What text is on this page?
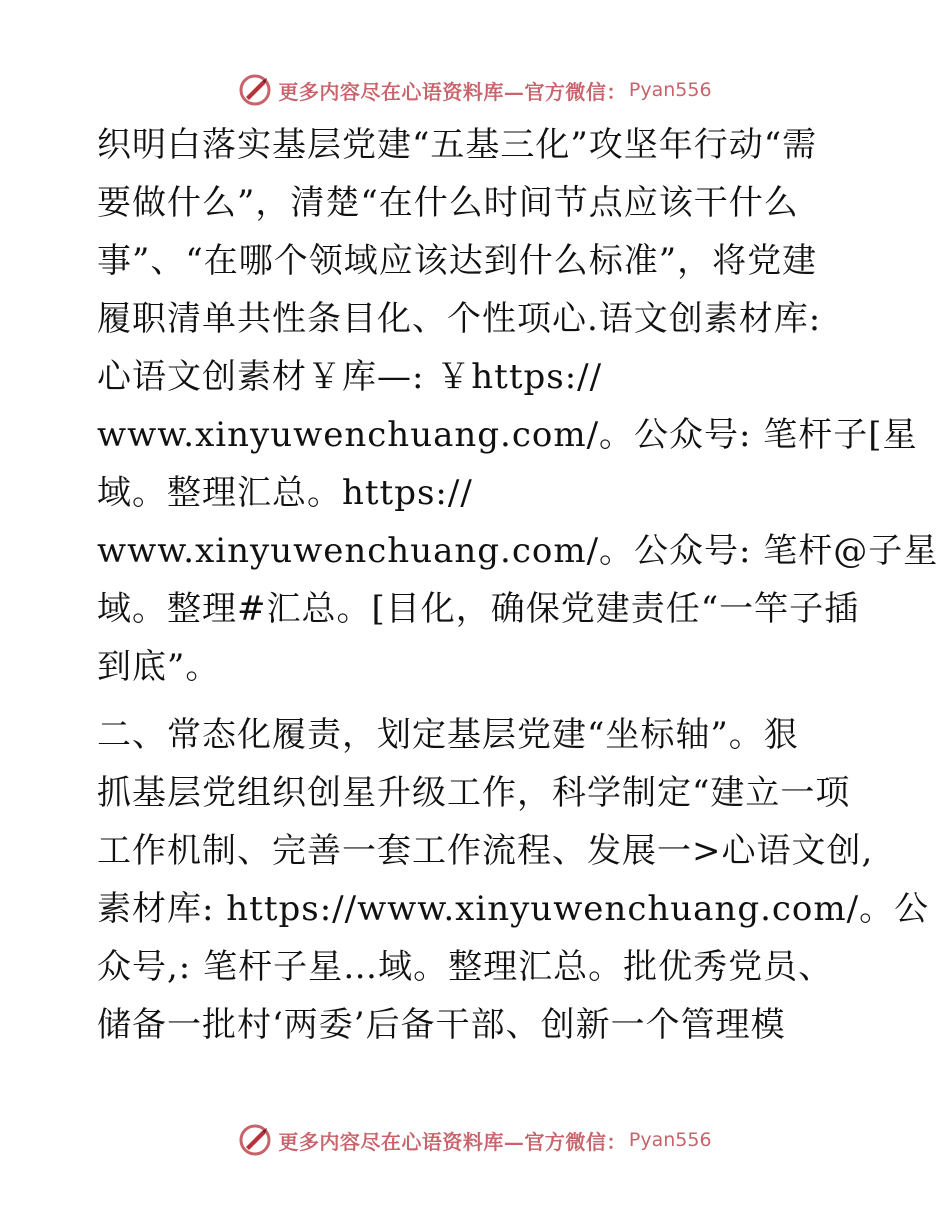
更多内容尽在心语资料库—官方微信： Pyan556
织明白落实基层党建“五基三化”攻坚年行动“需
要做什么”，清楚“在什么时间节点应该干什么
事”、“在哪个领域应该达到什么标准”，将党建
履职清单共性条目化、个性项心.语文创素材库:
心语文创素材￥库—: ￥https://
www.xinyuwenchuang.com/。公众号: 笔杆子[星
域。整理汇总。https://
www.xinyuwenchuang.com/。公众号: 笔杆@子星
域。整理#汇总。[目化，确保党建责任“一竿子插
到底”。
二、常态化履责，划定基层党建“坐标轴”。狠
抓基层党组织创星升级工作，科学制定“建立一项
工作机制、完善一套工作流程、发展一>心语文创,
素材库: https://www.xinyuwenchuang.com/。公
众号,: 笔杆子星…域。整理汇总。批优秀党员、
储备一批村‘两委’后备干部、创新一个管理模
更多内容尽在心语资料库—官方微信： Pyan556
